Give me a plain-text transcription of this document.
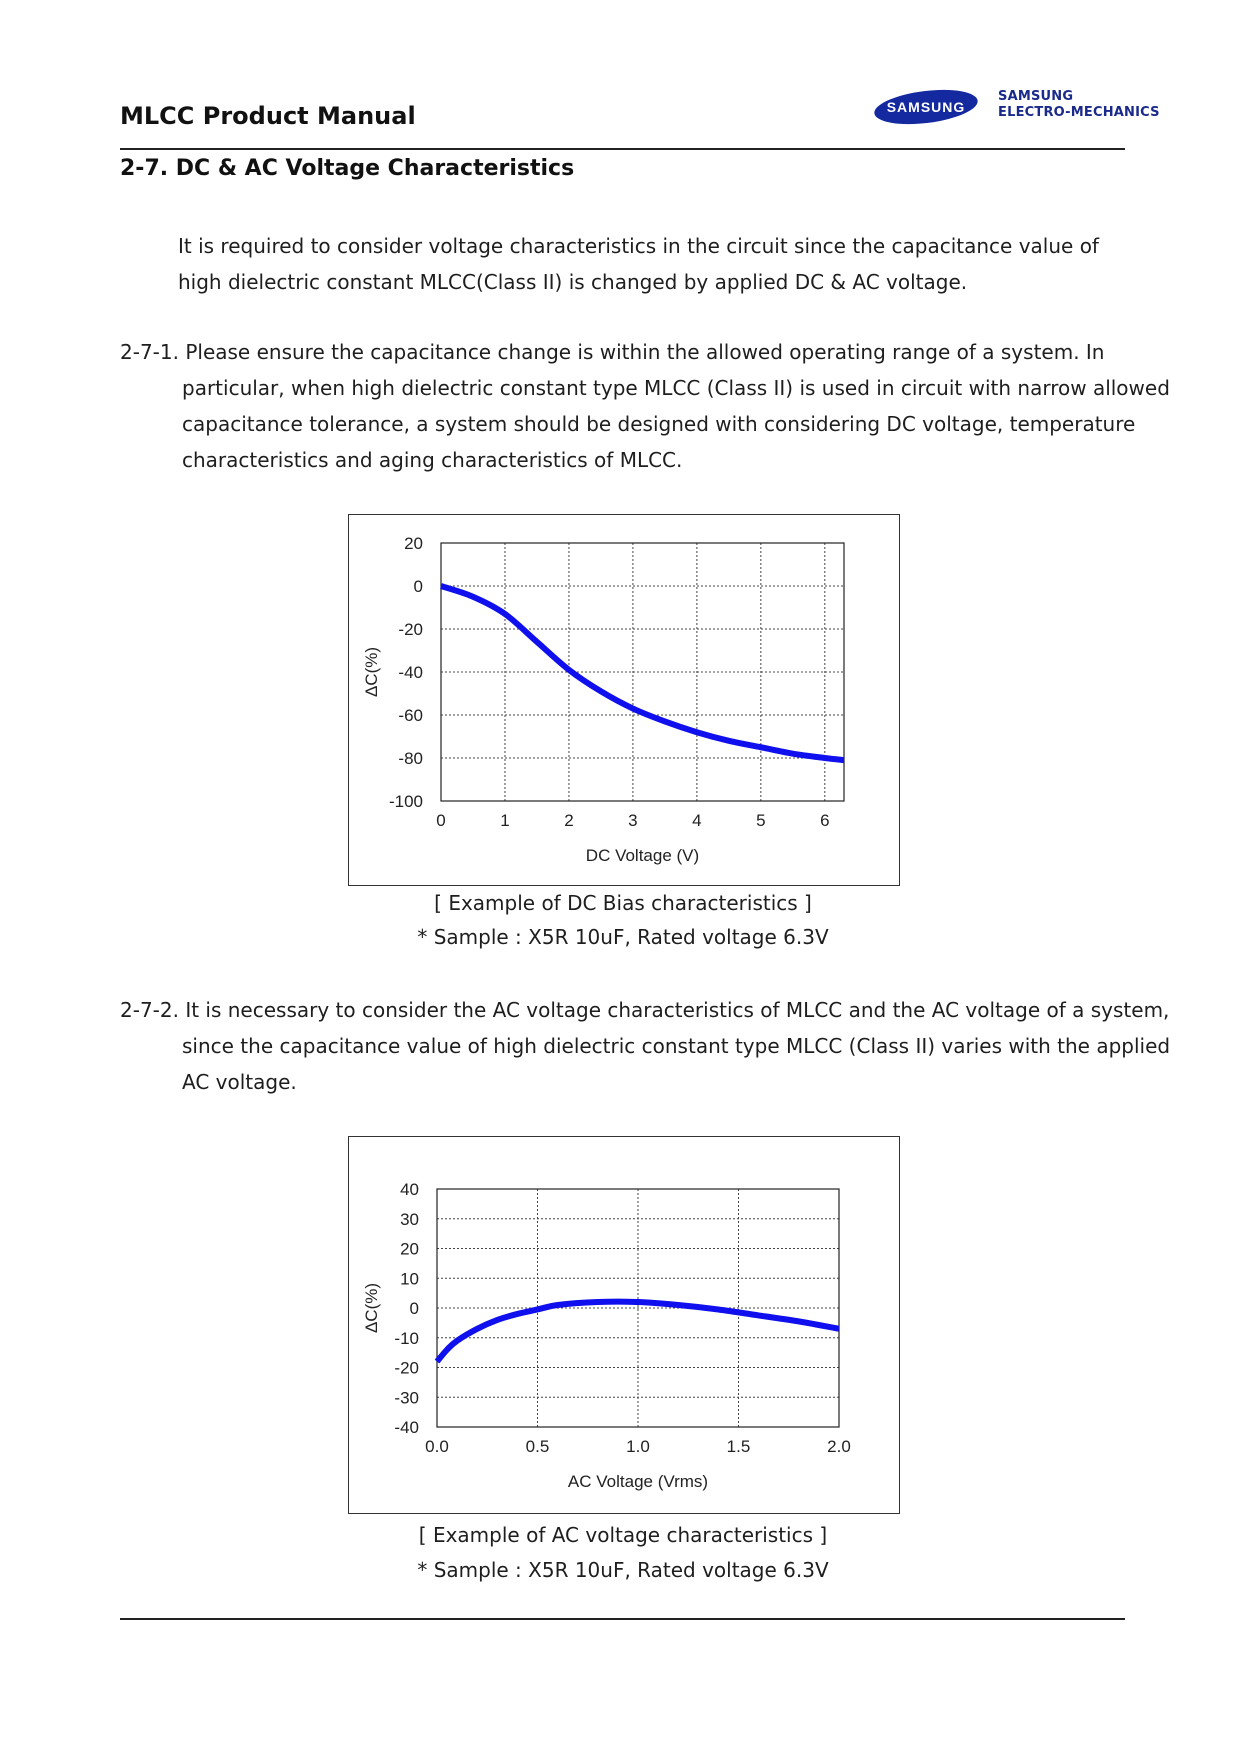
MLCC Product Manual	SAMSUNG
SAMSUNG
ELECTRO-MECHANICS
2-7. DC & AC Voltage Characteristics
It is required to consider voltage characteristics in the circuit since the capacitance value of high dielectric constant MLCC(Class II) is changed by applied DC & AC voltage.
2-7-1. Please ensure the capacitance change is within the allowed operating range of a system. In particular, when high dielectric constant type MLCC (Class II) is used in circuit with narrow allowed capacitance tolerance, a system should be designed with considering DC voltage, temperature characteristics and aging characteristics of MLCC.
0	1	2	3	4	5	6
20
0
-20
-40
-60
-80
-100
DC Voltage (V)
ΔC(%)
[ Example of DC Bias characteristics ]
* Sample : X5R 10uF, Rated voltage 6.3V
2-7-2. It is necessary to consider the AC voltage characteristics of MLCC and the AC voltage of a system, since the capacitance value of high dielectric constant type MLCC (Class II) varies with the applied AC voltage.
0.0	0.5	1.0	1.5	2.0
40
30
20
10
0
-10
-20
-30
-40
AC Voltage (Vrms)
ΔC(%)
[ Example of AC voltage characteristics ]
* Sample : X5R 10uF, Rated voltage 6.3V
